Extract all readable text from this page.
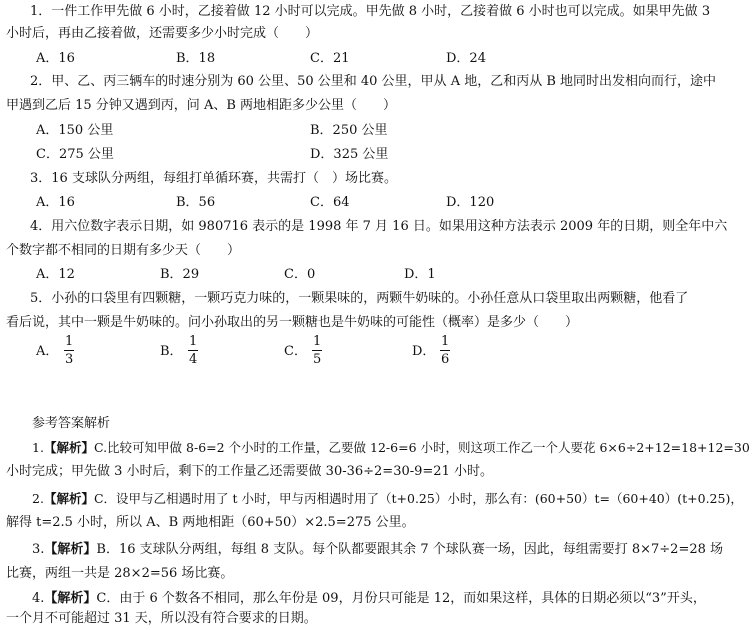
1．一件工作甲先做 6 小时，乙接着做 12 小时可以完成。甲先做 8 小时，乙接着做 6 小时也可以完成。如果甲先做 3
小时后，再由乙接着做，还需要多少小时完成（　　）
A．16	B．18	C．21	D．24
2．甲、乙、丙三辆车的时速分别为 60 公里、50 公里和 40 公里，甲从 A 地，乙和丙从 B 地同时出发相向而行，途中
甲遇到乙后 15 分钟又遇到丙，问 A、B 两地相距多少公里（　　）
A．150 公里	B．250 公里
C．275 公里	D．325 公里
3．16 支球队分两组，每组打单循环赛，共需打（　）场比赛。
A．16	B．56	C．64	D．120
4．用六位数字表示日期，如 980716 表示的是 1998 年 7 月 16 日。如果用这种方法表示 2009 年的日期，则全年中六
个数字都不相同的日期有多少天（　　）
A．12	B．29	C．0	D．1
5．小孙的口袋里有四颗糖，一颗巧克力味的，一颗果味的，两颗牛奶味的。小孙任意从口袋里取出两颗糖，他看了
看后说，其中一颗是牛奶味的。问小孙取出的另一颗糖也是牛奶味的可能性（概率）是多少（　　）
A． $\frac{1}{3}$	B． $\frac{1}{4}$	C． $\frac{1}{5}$	D． $\frac{1}{6}$
参考答案解析
1.【解析】C.比较可知甲做 8-6=2 个小时的工作量，乙要做 12-6=6 小时，则这项工作乙一个人要花 6×6÷2+12=18+12=30
小时完成；甲先做 3 小时后，剩下的工作量乙还需要做 30-36÷2=30-9=21 小时。
2.【解析】C．设甲与乙相遇时用了 t 小时，甲与丙相遇时用了（t+0.25）小时，那么有：(60+50）t=（60+40）(t+0.25)，
解得 t=2.5 小时，所以 A、B 两地相距（60+50）×2.5=275 公里。
3.【解析】B．16 支球队分两组，每组 8 支队。每个队都要跟其余 7 个球队赛一场，因此，每组需要打 8×7÷2=28 场
比赛，两组一共是 28×2=56 场比赛。
4.【解析】C．由于 6 个数各不相同，那么年份是 09，月份只可能是 12，而如果这样，具体的日期必须以“3”开头，
一个月不可能超过 31 天，所以没有符合要求的日期。
